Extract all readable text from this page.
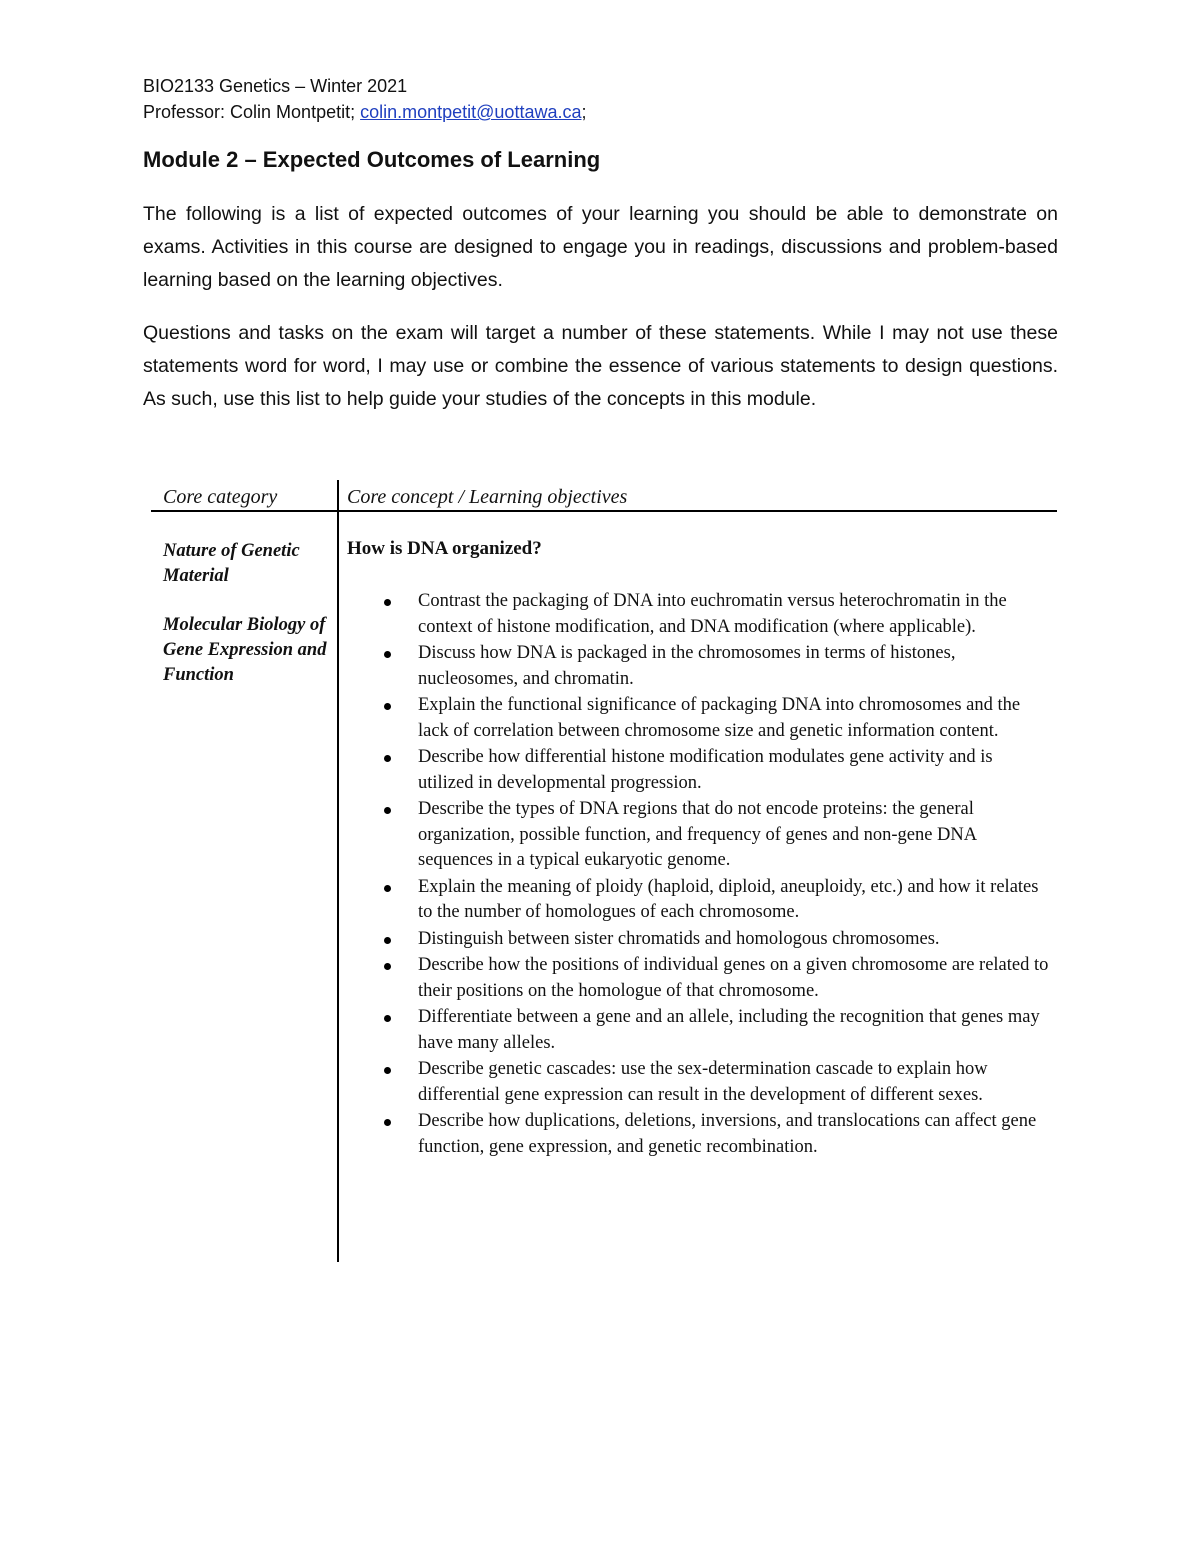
BIO2133 Genetics – Winter 2021
Professor: Colin Montpetit; colin.montpetit@uottawa.ca;
Module 2 – Expected Outcomes of Learning

The following is a list of expected outcomes of your learning you should be able to demonstrate on exams. Activities in this course are designed to engage you in readings, discussions and problem-based learning based on the learning objectives.

Questions and tasks on the exam will target a number of these statements. While I may not use these statements word for word, I may use or combine the essence of various statements to design questions. As such, use this list to help guide your studies of the concepts in this module.

Core category	Core concept / Learning objectives
Nature of Genetic Material
Molecular Biology of Gene Expression and Function
How is DNA organized?
Contrast the packaging of DNA into euchromatin versus heterochromatin in the context of histone modification, and DNA modification (where applicable).
Discuss how DNA is packaged in the chromosomes in terms of histones, nucleosomes, and chromatin.
Explain the functional significance of packaging DNA into chromosomes and the lack of correlation between chromosome size and genetic information content.
Describe how differential histone modification modulates gene activity and is utilized in developmental progression.
Describe the types of DNA regions that do not encode proteins: the general organization, possible function, and frequency of genes and non-gene DNA sequences in a typical eukaryotic genome.
Explain the meaning of ploidy (haploid, diploid, aneuploidy, etc.) and how it relates to the number of homologues of each chromosome.
Distinguish between sister chromatids and homologous chromosomes.
Describe how the positions of individual genes on a given chromosome are related to their positions on the homologue of that chromosome.
Differentiate between a gene and an allele, including the recognition that genes may have many alleles.
Describe genetic cascades: use the sex-determination cascade to explain how differential gene expression can result in the development of different sexes.
Describe how duplications, deletions, inversions, and translocations can affect gene function, gene expression, and genetic recombination.
